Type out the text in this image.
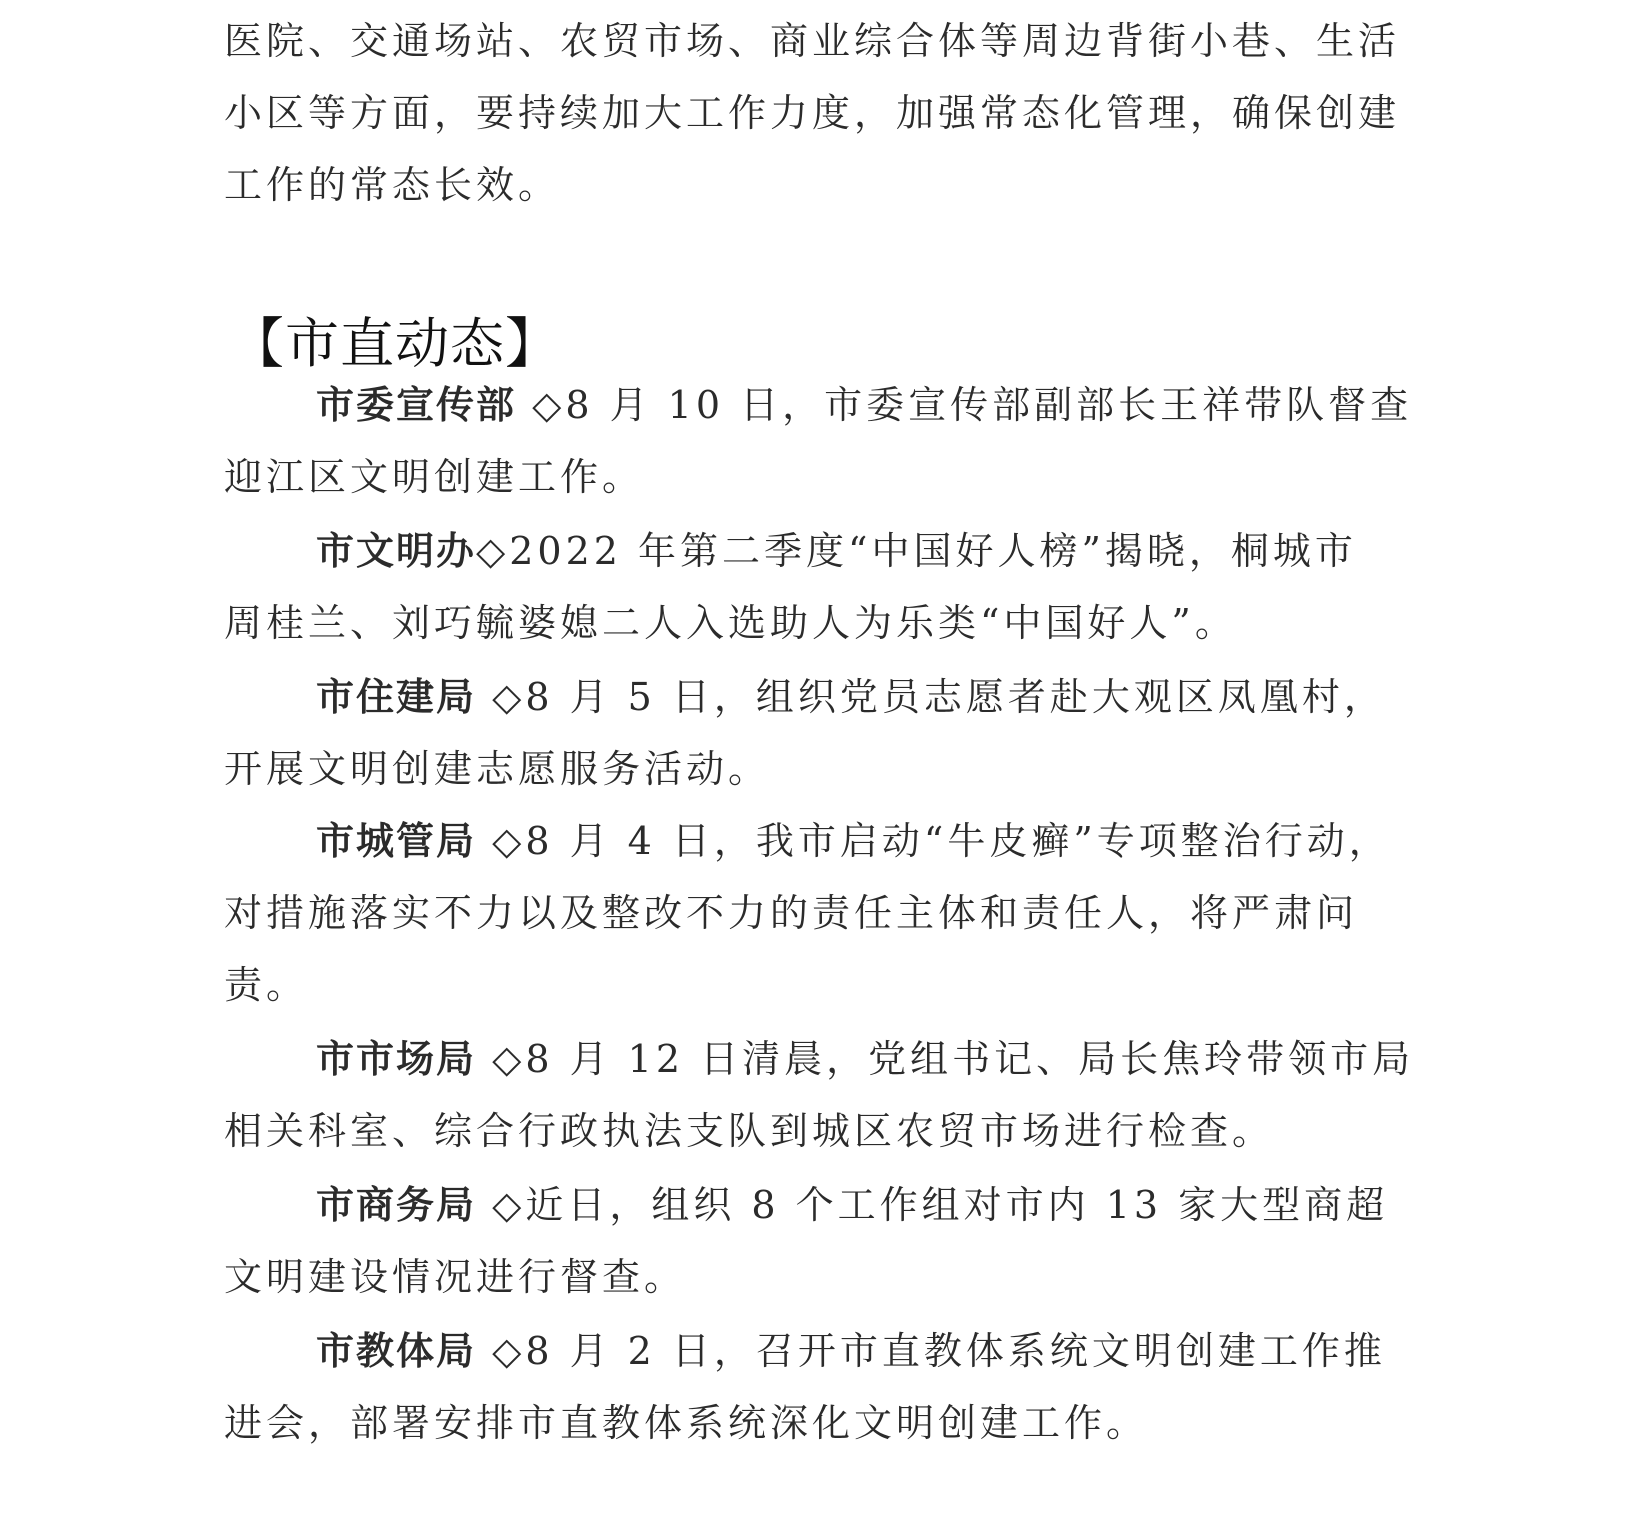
医院、交通场站、农贸市场、商业综合体等周边背街小巷、生活
小区等方面，要持续加大工作力度，加强常态化管理，确保创建
工作的常态长效。
【市直动态】
市委宣传部 ◇8 月 10 日，市委宣传部副部长王祥带队督查
迎江区文明创建工作。
市文明办◇2022 年第二季度“中国好人榜”揭晓，桐城市
周桂兰、刘巧毓婆媳二人入选助人为乐类“中国好人”。
市住建局 ◇8 月 5 日，组织党员志愿者赴大观区凤凰村，
开展文明创建志愿服务活动。
市城管局 ◇8 月 4 日，我市启动“牛皮癣”专项整治行动，
对措施落实不力以及整改不力的责任主体和责任人，将严肃问
责。
市市场局 ◇8 月 12 日清晨，党组书记、局长焦玲带领市局
相关科室、综合行政执法支队到城区农贸市场进行检查。
市商务局 ◇近日，组织 8 个工作组对市内 13 家大型商超
文明建设情况进行督查。
市教体局 ◇8 月 2 日，召开市直教体系统文明创建工作推
进会，部署安排市直教体系统深化文明创建工作。
